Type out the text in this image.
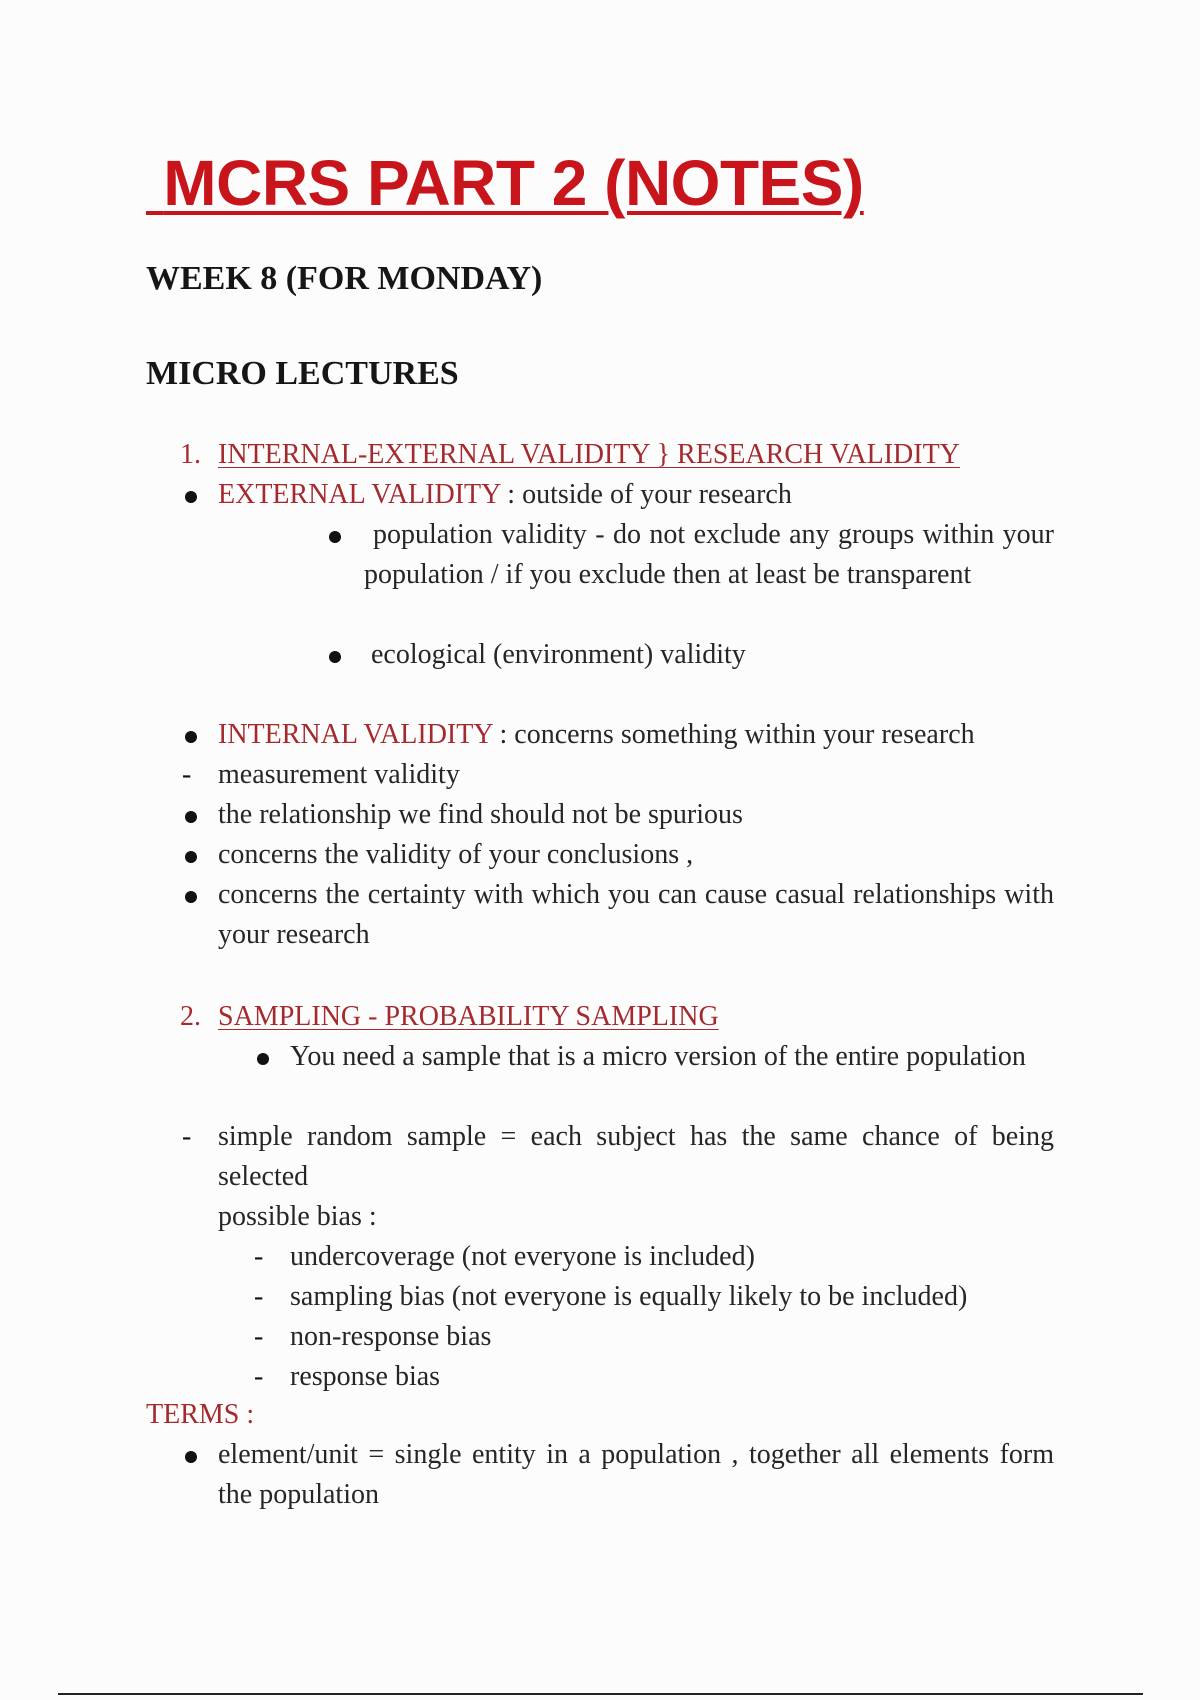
MCRS PART 2 (NOTES)
WEEK 8 (FOR MONDAY)
MICRO LECTURES
1. INTERNAL-EXTERNAL VALIDITY } RESEARCH VALIDITY
EXTERNAL VALIDITY : outside of your research
population validity - do not exclude any groups within your population / if you exclude then at least be transparent
ecological (environment) validity
INTERNAL VALIDITY : concerns something within your research
- measurement validity
the relationship we find should not be spurious
concerns the validity of your conclusions ,
concerns the certainty with which you can cause casual relationships with your research
2. SAMPLING - PROBABILITY SAMPLING
You need a sample that is a micro version of the entire population
- simple random sample = each subject has the same chance of being selected
possible bias :
- undercoverage (not everyone is included)
- sampling bias (not everyone is equally likely to be included)
- non-response bias
- response bias
TERMS :
element/unit = single entity in a population , together all elements form the population
